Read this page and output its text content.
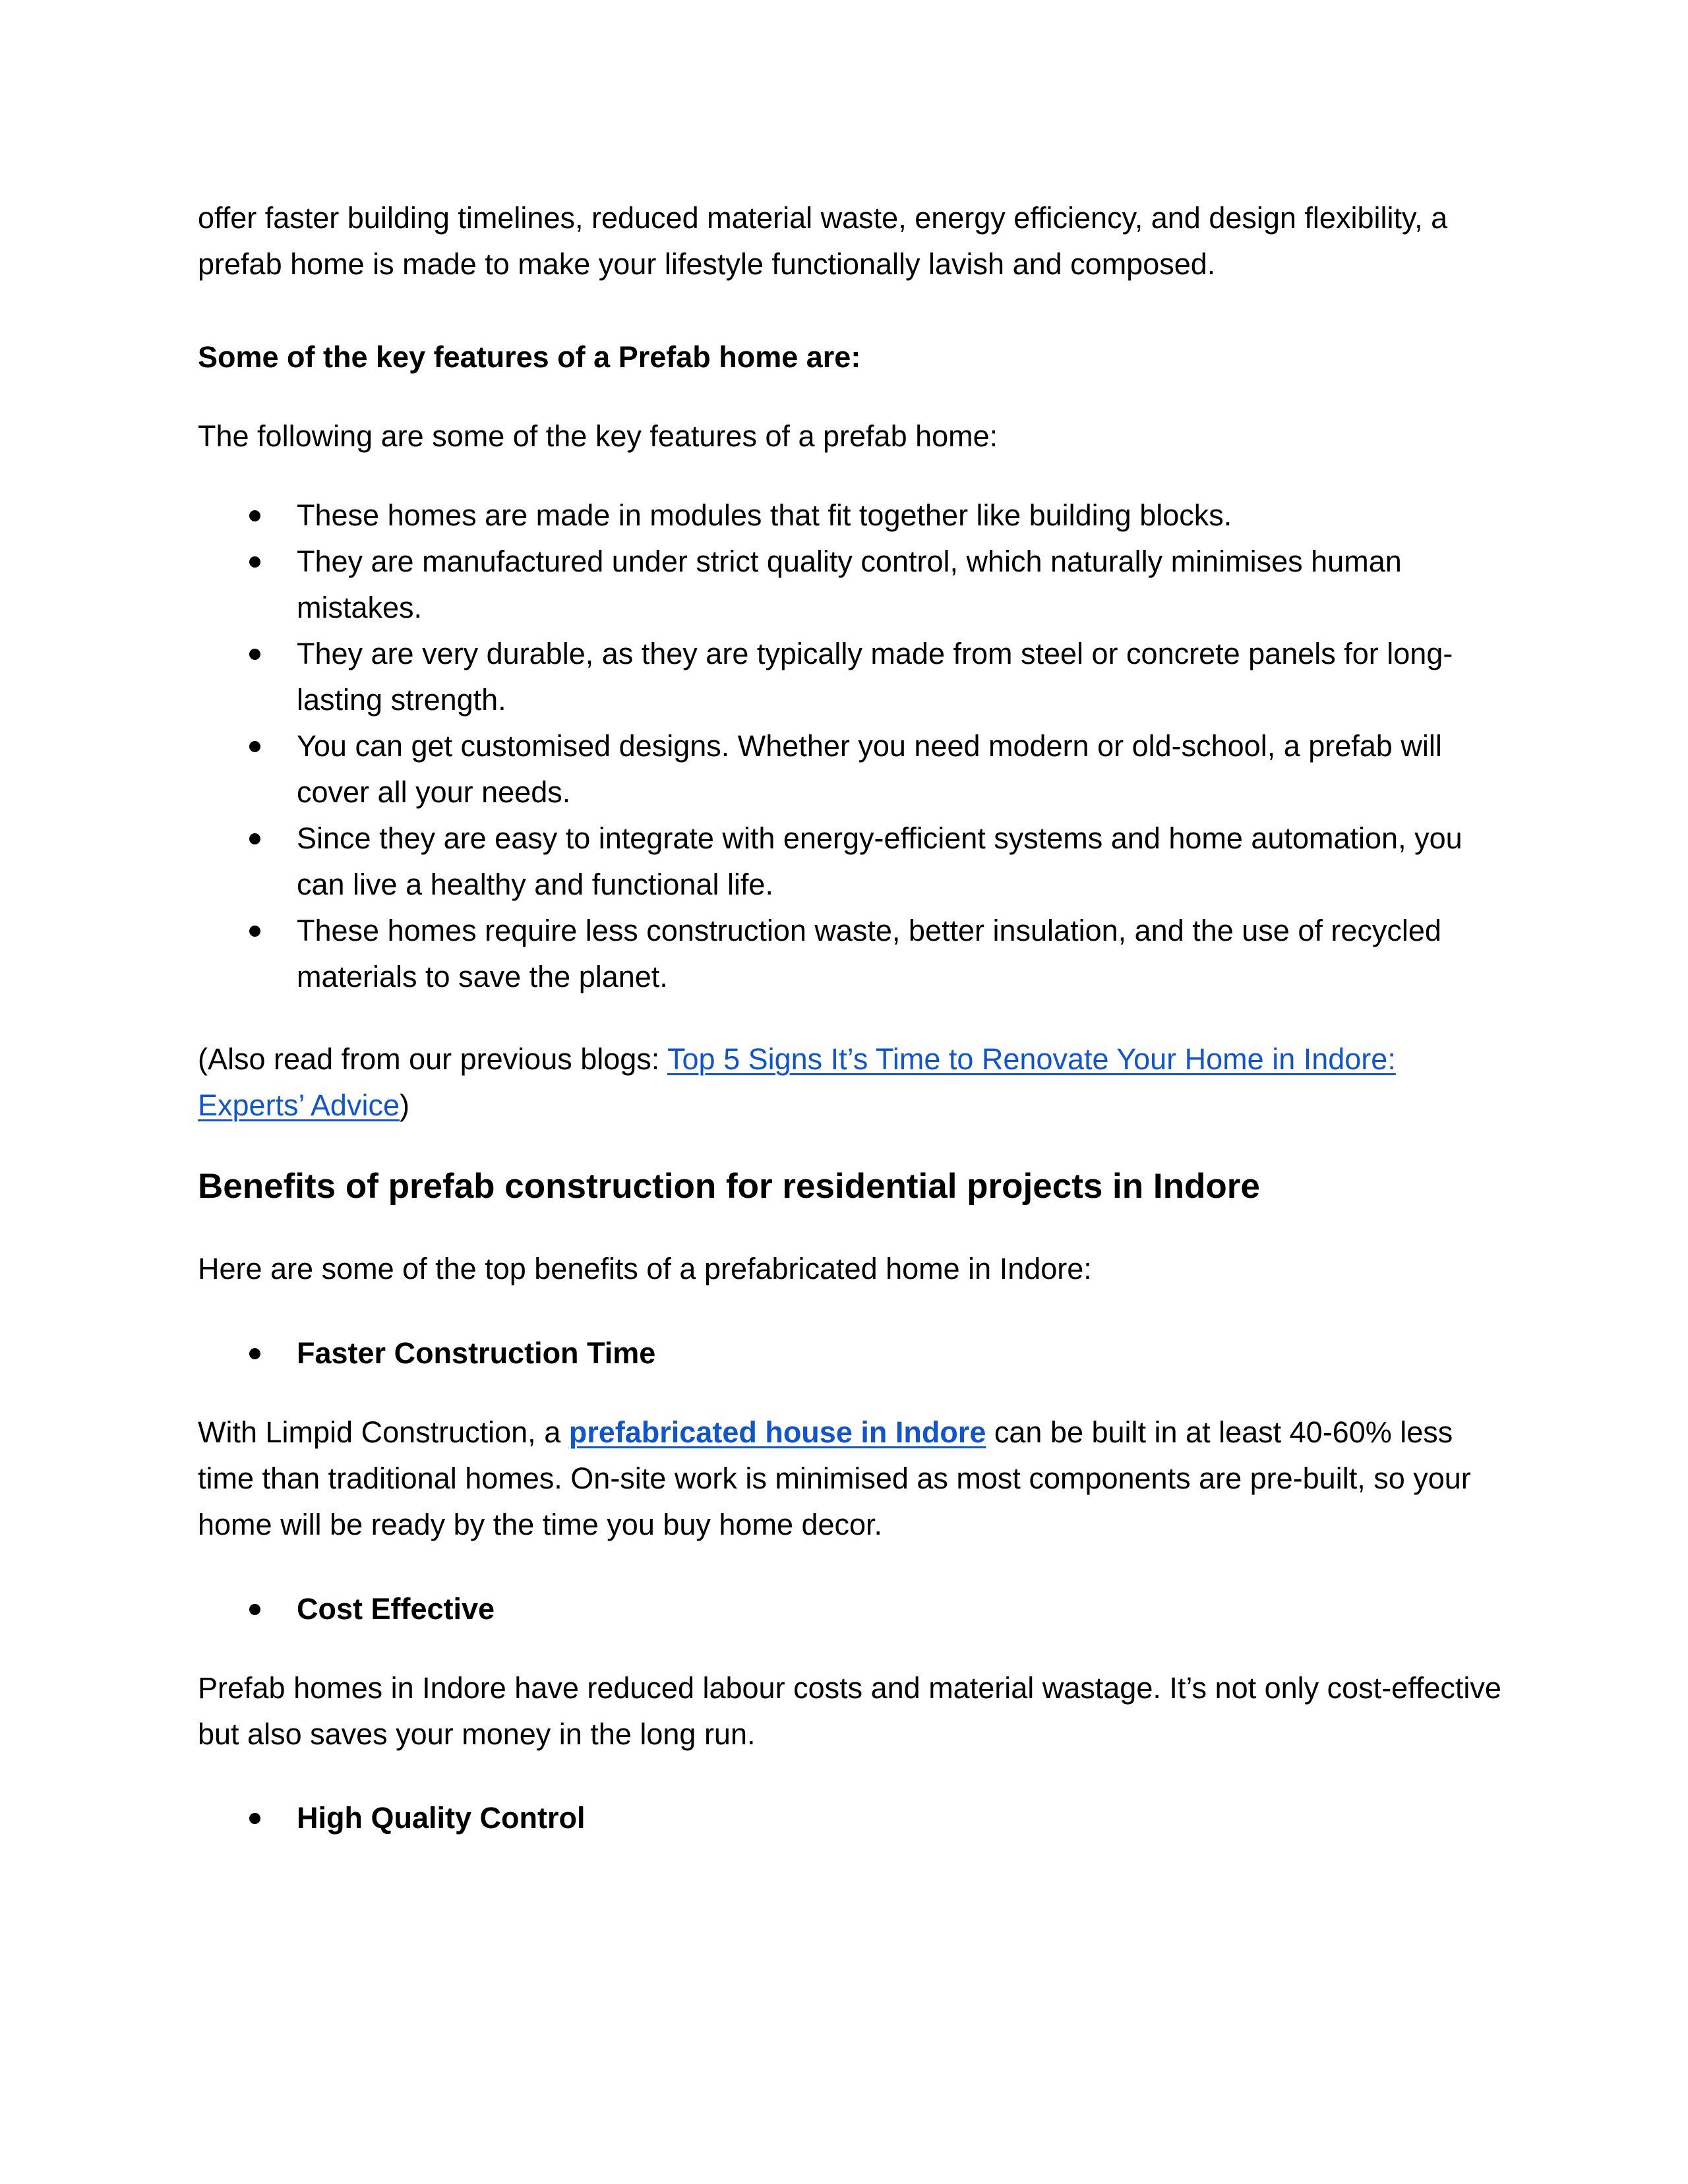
offer faster building timelines, reduced material waste, energy efficiency, and design flexibility, a prefab home is made to make your lifestyle functionally lavish and composed.

Some of the key features of a Prefab home are:

The following are some of the key features of a prefab home:

These homes are made in modules that fit together like building blocks.
They are manufactured under strict quality control, which naturally minimises human mistakes.
They are very durable, as they are typically made from steel or concrete panels for long-lasting strength.
You can get customised designs. Whether you need modern or old-school, a prefab will cover all your needs.
Since they are easy to integrate with energy-efficient systems and home automation, you can live a healthy and functional life.
These homes require less construction waste, better insulation, and the use of recycled materials to save the planet.

(Also read from our previous blogs: Top 5 Signs It’s Time to Renovate Your Home in Indore: Experts’ Advice)

Benefits of prefab construction for residential projects in Indore

Here are some of the top benefits of a prefabricated home in Indore:

Faster Construction Time

With Limpid Construction, a prefabricated house in Indore can be built in at least 40-60% less time than traditional homes. On-site work is minimised as most components are pre-built, so your home will be ready by the time you buy home decor.

Cost Effective

Prefab homes in Indore have reduced labour costs and material wastage. It’s not only cost-effective but also saves your money in the long run.

High Quality Control
